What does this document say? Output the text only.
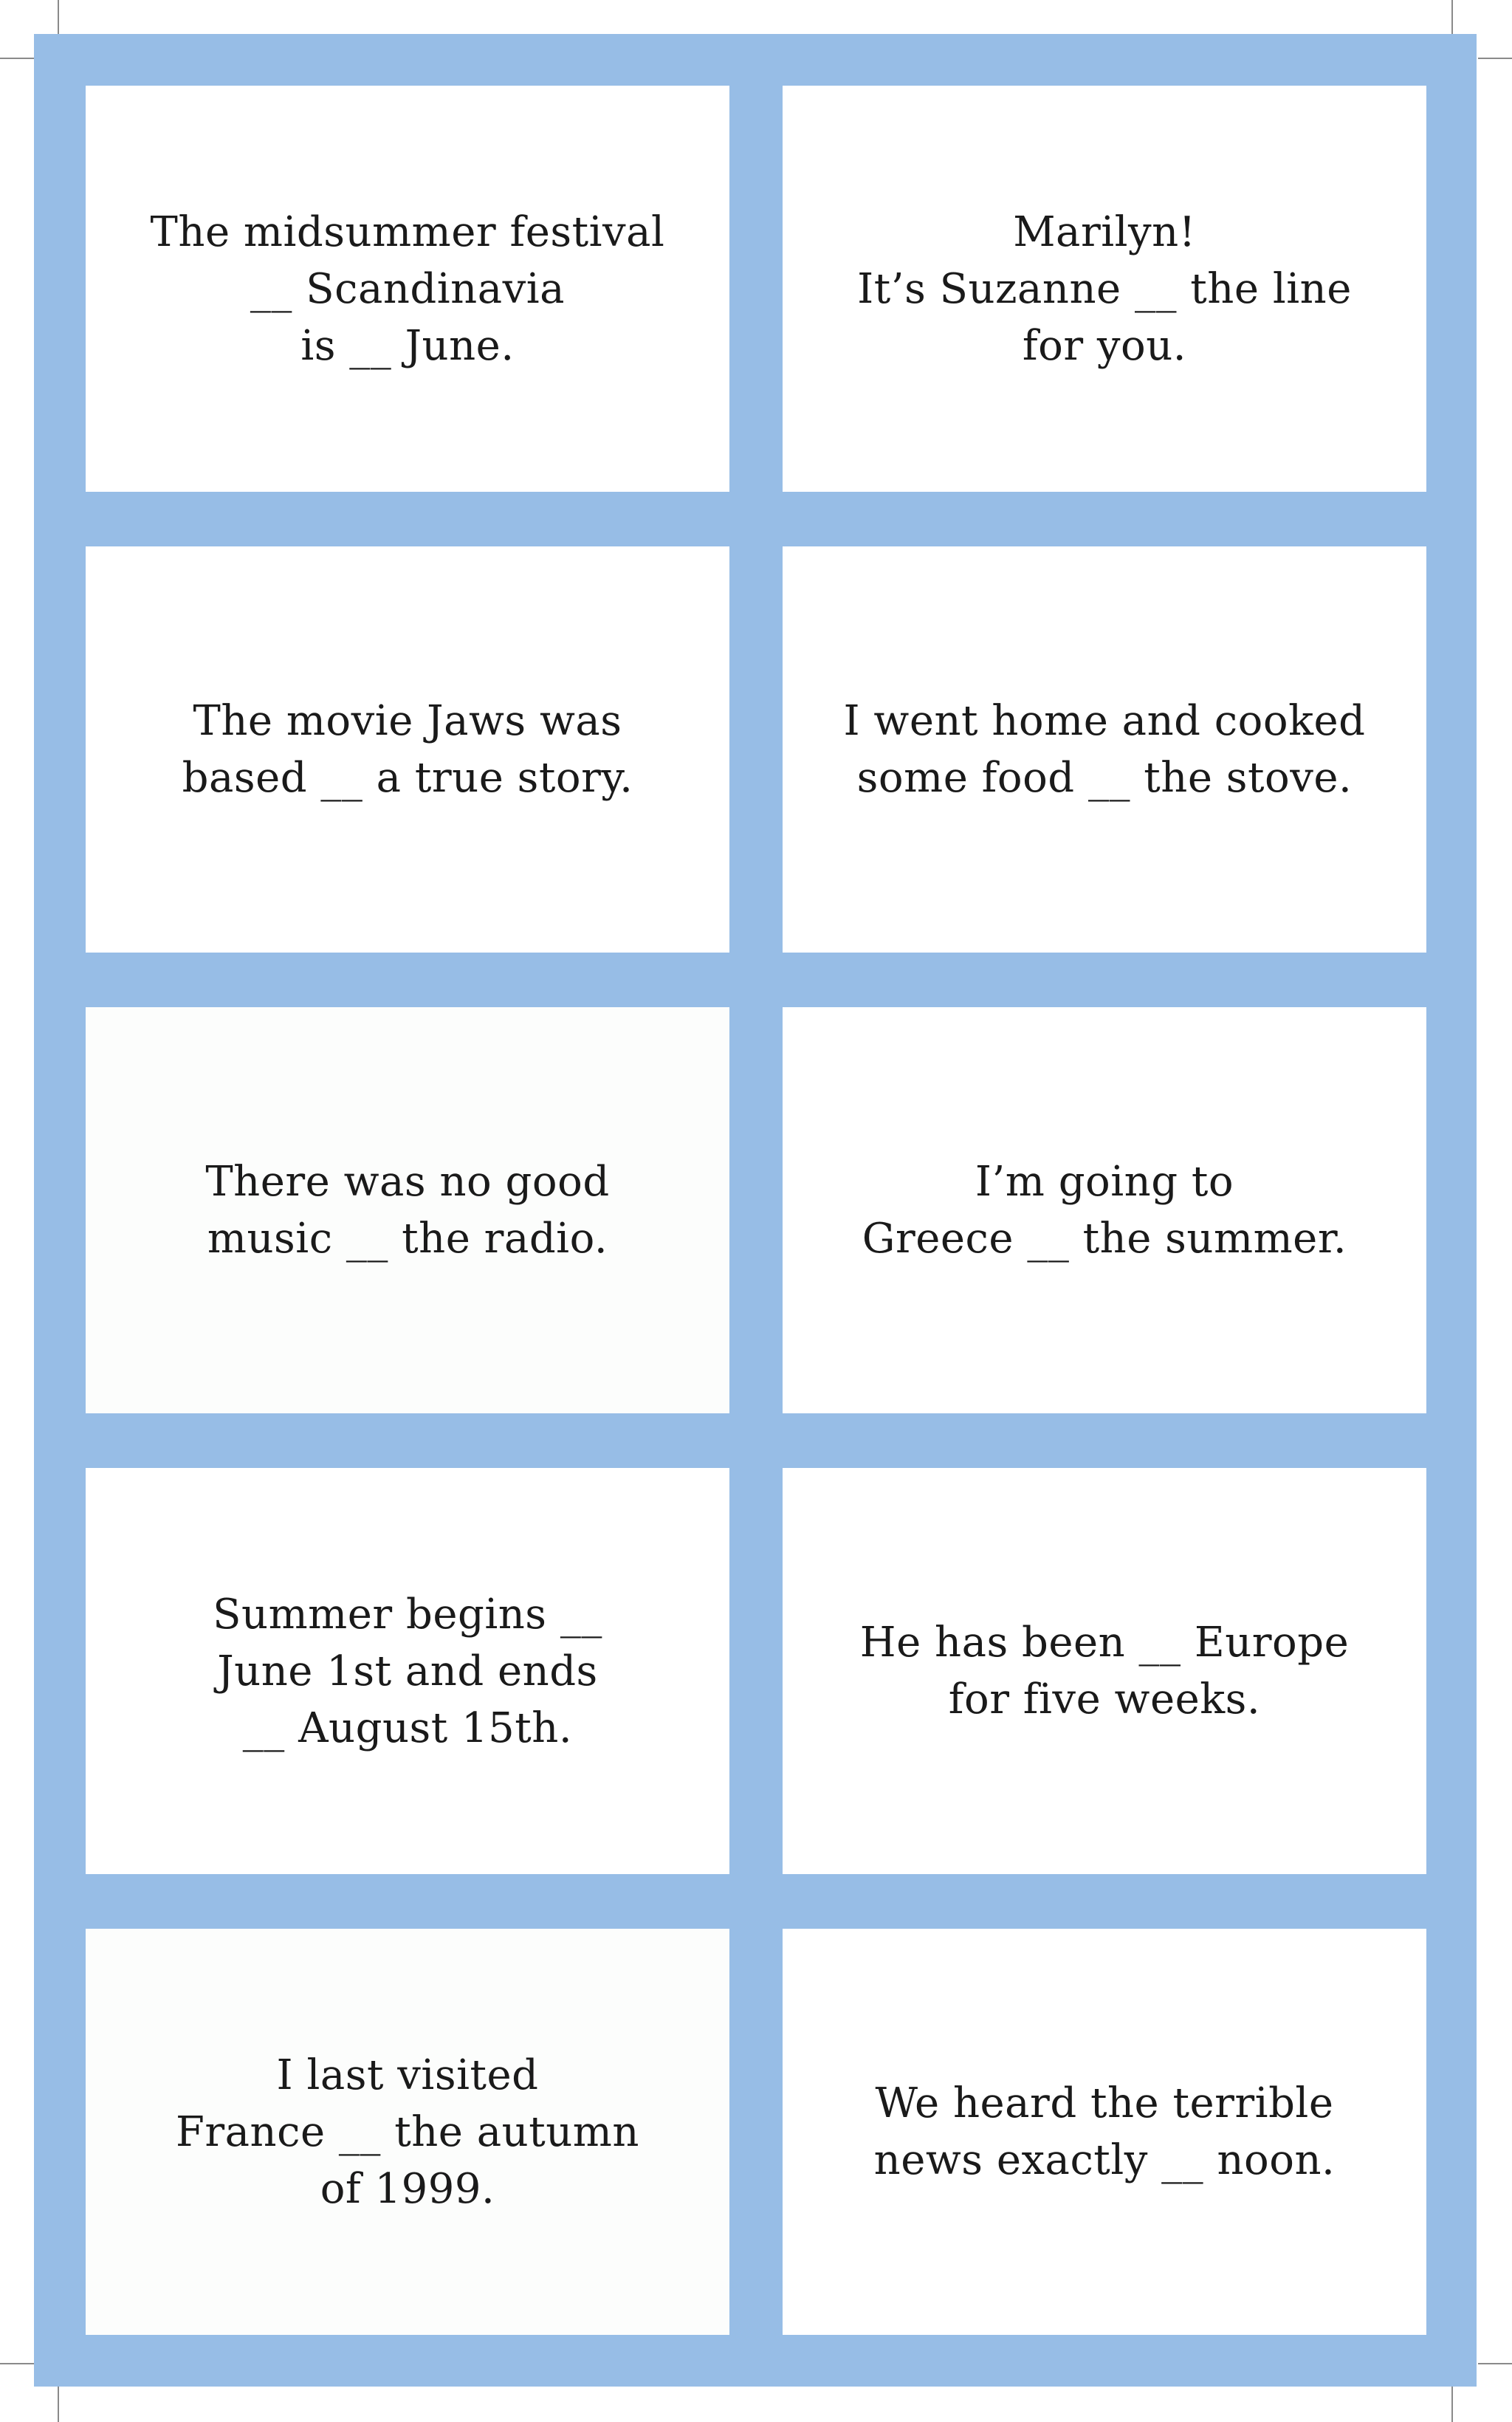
The midsummer festival
__ Scandinavia
is __ June.
Marilyn!
It’s Suzanne __ the line
for you.
The movie Jaws was
based __ a true story.
I went home and cooked
some food __ the stove.
There was no good
music __ the radio.
I’m going to
Greece __ the summer.
Summer begins __
June 1st and ends
__ August 15th.
He has been __ Europe
for five weeks.
I last visited
France __ the autumn
of 1999.
We heard the terrible
news exactly __ noon.
